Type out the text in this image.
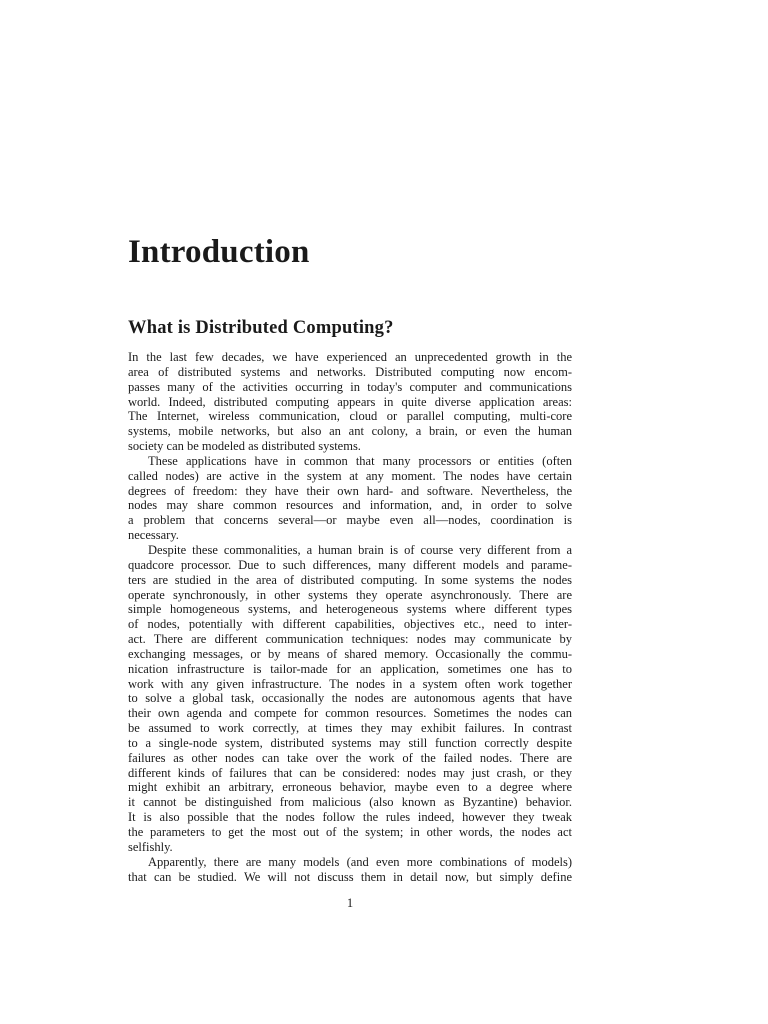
Introduction
What is Distributed Computing?

In the last few decades, we have experienced an unprecedented growth in the
area of distributed systems and networks. Distributed computing now encom-
passes many of the activities occurring in today's computer and communications
world. Indeed, distributed computing appears in quite diverse application areas:
The Internet, wireless communication, cloud or parallel computing, multi-core
systems, mobile networks, but also an ant colony, a brain, or even the human
society can be modeled as distributed systems.

These applications have in common that many processors or entities (often
called nodes) are active in the system at any moment. The nodes have certain
degrees of freedom: they have their own hard- and software. Nevertheless, the
nodes may share common resources and information, and, in order to solve
a problem that concerns several—or maybe even all—nodes, coordination is
necessary.

Despite these commonalities, a human brain is of course very different from a
quadcore processor. Due to such differences, many different models and parame-
ters are studied in the area of distributed computing. In some systems the nodes
operate synchronously, in other systems they operate asynchronously. There are
simple homogeneous systems, and heterogeneous systems where different types
of nodes, potentially with different capabilities, objectives etc., need to inter-
act. There are different communication techniques: nodes may communicate by
exchanging messages, or by means of shared memory. Occasionally the commu-
nication infrastructure is tailor-made for an application, sometimes one has to
work with any given infrastructure. The nodes in a system often work together
to solve a global task, occasionally the nodes are autonomous agents that have
their own agenda and compete for common resources. Sometimes the nodes can
be assumed to work correctly, at times they may exhibit failures. In contrast
to a single-node system, distributed systems may still function correctly despite
failures as other nodes can take over the work of the failed nodes. There are
different kinds of failures that can be considered: nodes may just crash, or they
might exhibit an arbitrary, erroneous behavior, maybe even to a degree where
it cannot be distinguished from malicious (also known as Byzantine) behavior.
It is also possible that the nodes follow the rules indeed, however they tweak
the parameters to get the most out of the system; in other words, the nodes act
selfishly.

Apparently, there are many models (and even more combinations of models)
that can be studied. We will not discuss them in detail now, but simply define

1
